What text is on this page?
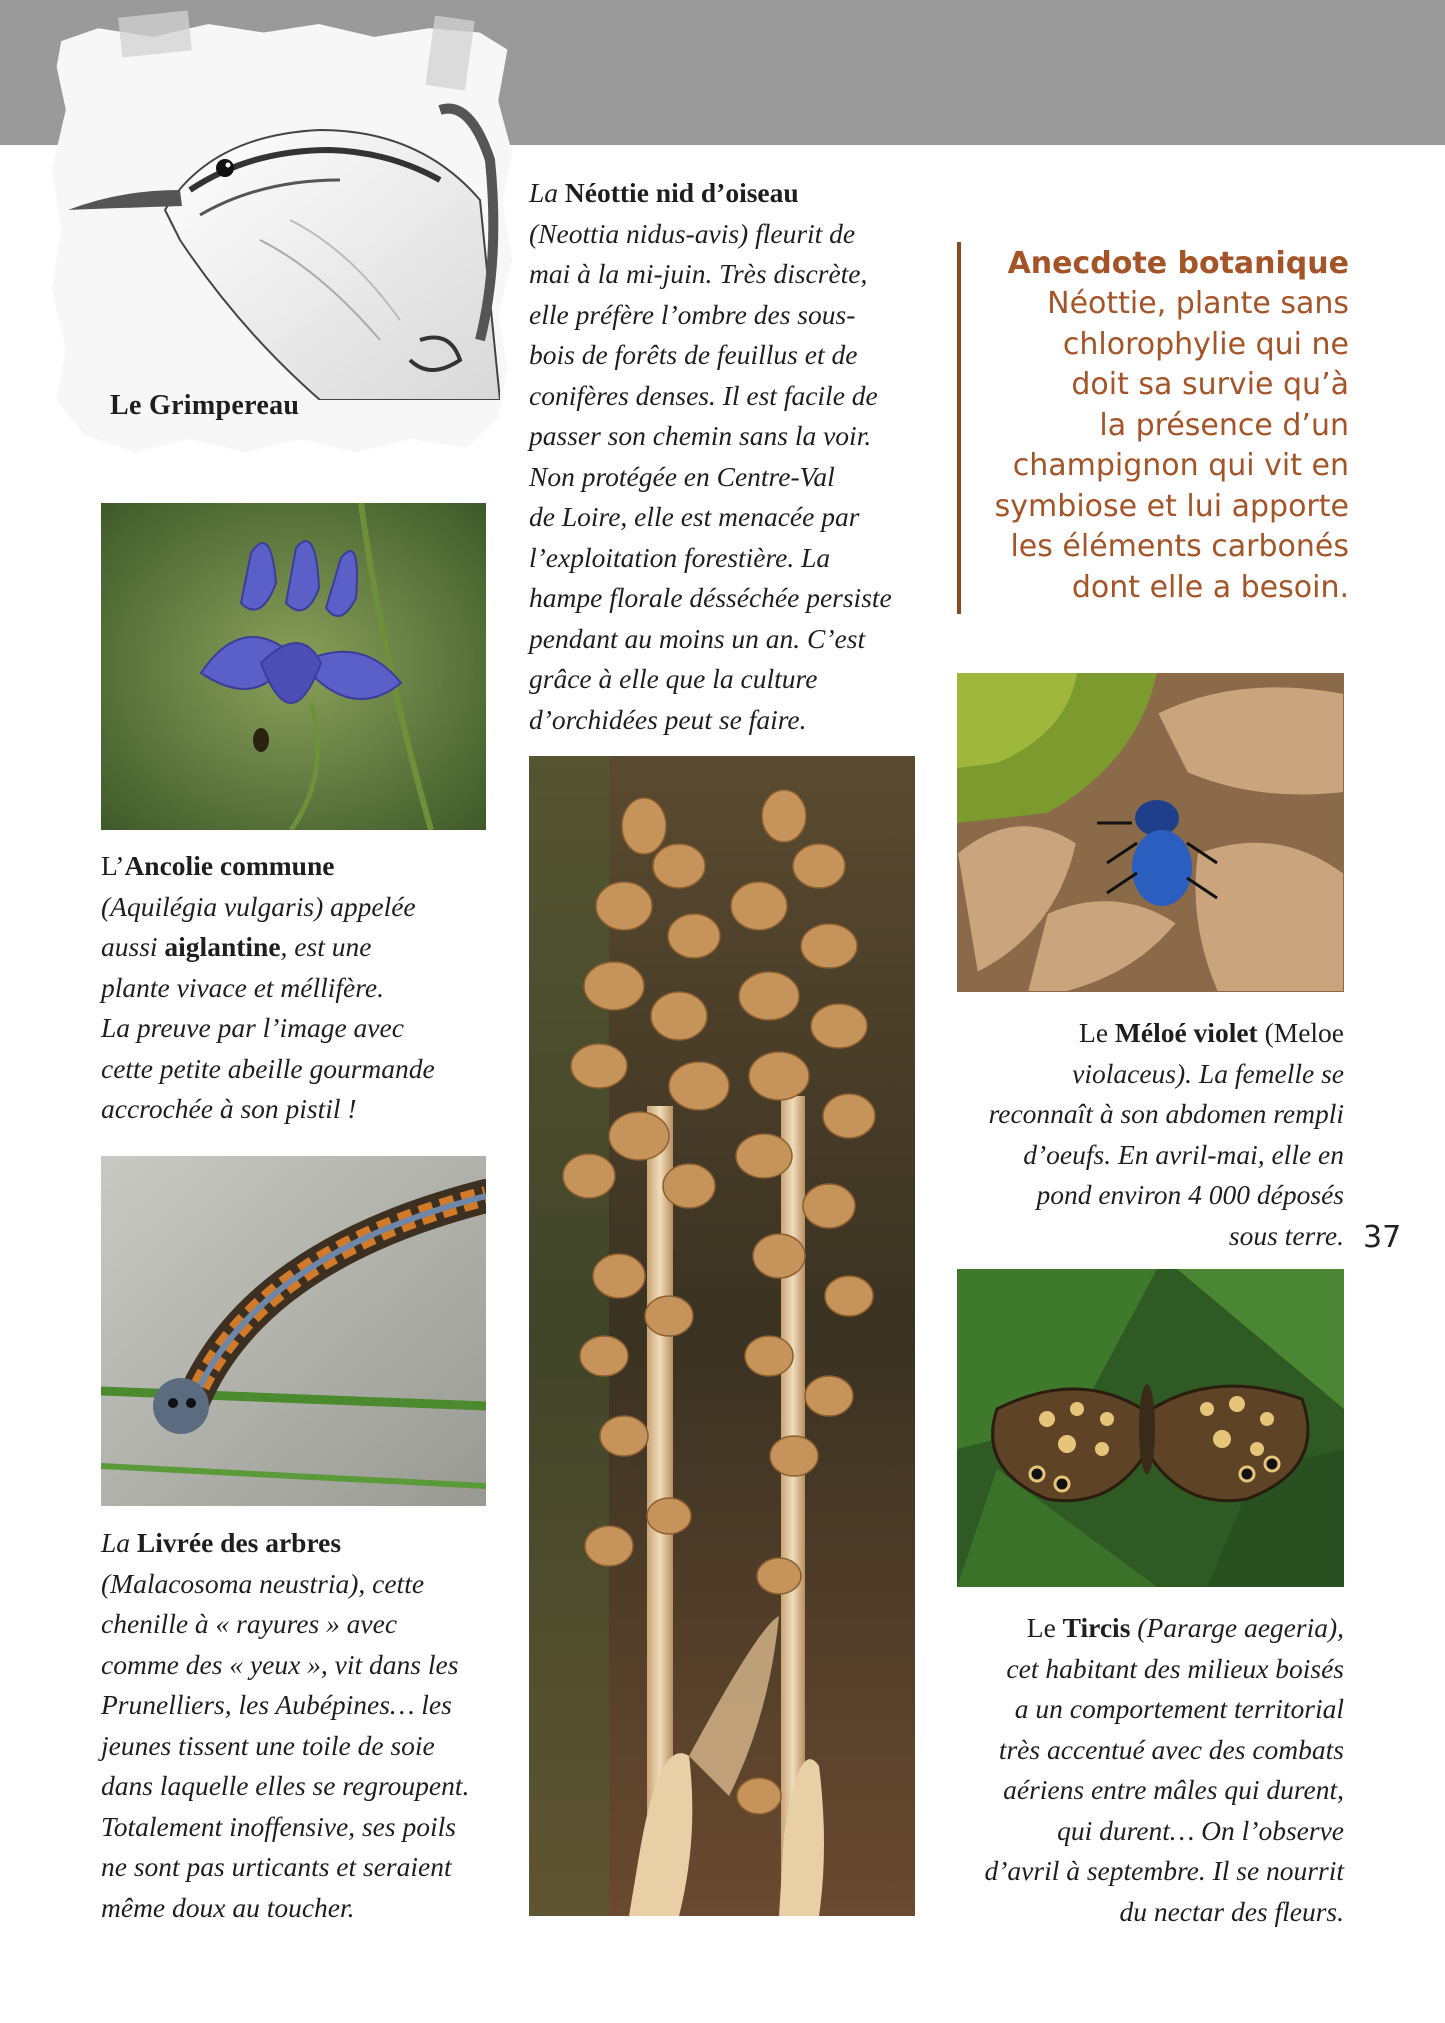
Le Grimpereau
La Néottie nid d’oiseau
(Neottia nidus-avis) fleurit de
mai à la mi-juin. Très discrète,
elle préfère l’ombre des sous-
bois de forêts de feuillus et de
conifères denses. Il est facile de
passer son chemin sans la voir.
Non protégée en Centre-Val
de Loire, elle est menacée par
l’exploitation forestière. La
hampe florale désséchée persiste
pendant au moins un an. C’est
grâce à elle que la culture
d’orchidées peut se faire.
Anecdote botanique
Néottie, plante sans
chlorophylie qui ne
doit sa survie qu’à
la présence d’un
champignon qui vit en
symbiose et lui apporte
les éléments carbonés
dont elle a besoin.
L’Ancolie commune
(Aquilégia vulgaris) appelée
aussi aiglantine, est une
plante vivace et méllifère.
La preuve par l’image avec
cette petite abeille gourmande
accrochée à son pistil !
La Livrée des arbres
(Malacosoma neustria), cette
chenille à « rayures » avec
comme des « yeux », vit dans les
Prunelliers, les Aubépines… les
jeunes tissent une toile de soie
dans laquelle elles se regroupent.
Totalement inoffensive, ses poils
ne sont pas urticants et seraient
même doux au toucher.
Le Méloé violet (Meloe
violaceus). La femelle se
reconnaît à son abdomen rempli
d’oeufs. En avril-mai, elle en
pond environ 4 000 déposés
sous terre. 37
Le Tircis (Pararge aegeria),
cet habitant des milieux boisés
a un comportement territorial
très accentué avec des combats
aériens entre mâles qui durent,
qui durent… On l’observe
d’avril à septembre. Il se nourrit
du nectar des fleurs.
